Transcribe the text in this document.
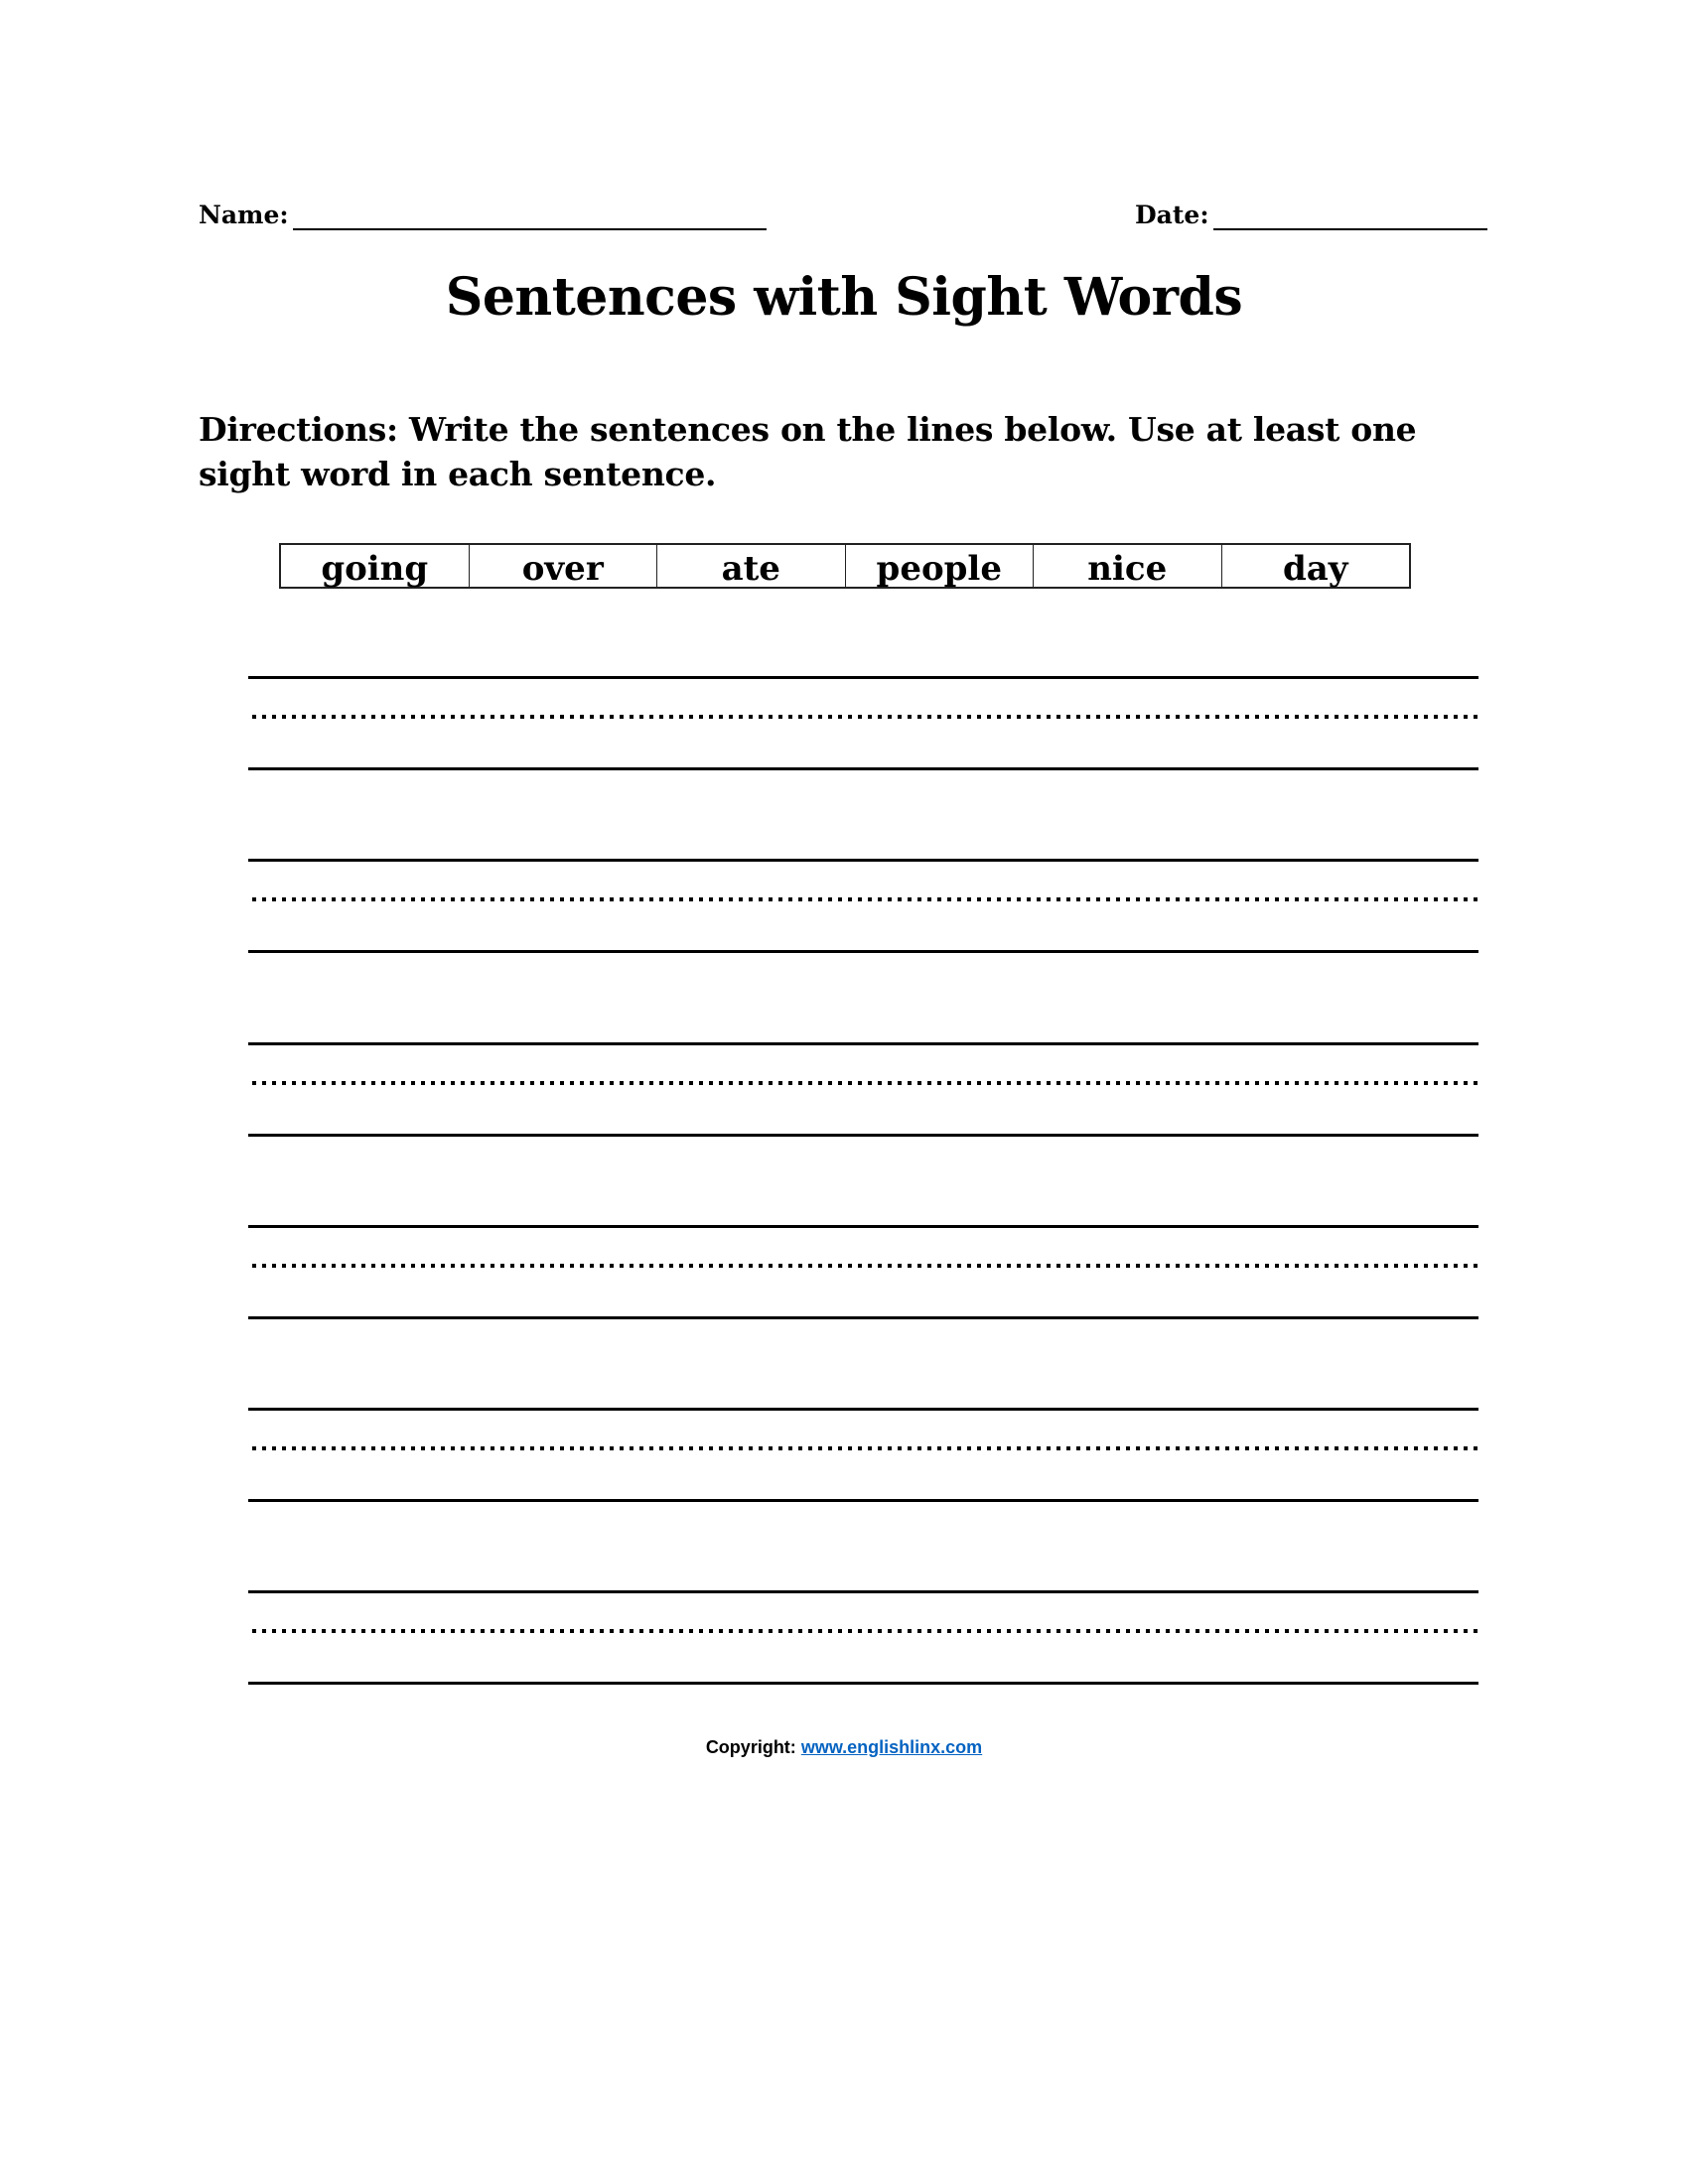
Name:	Date:
Sentences with Sight Words
Directions: Write the sentences on the lines below. Use at least one sight word in each sentence.
going	over	ate	people	nice	day
Copyright: www.englishlinx.com
